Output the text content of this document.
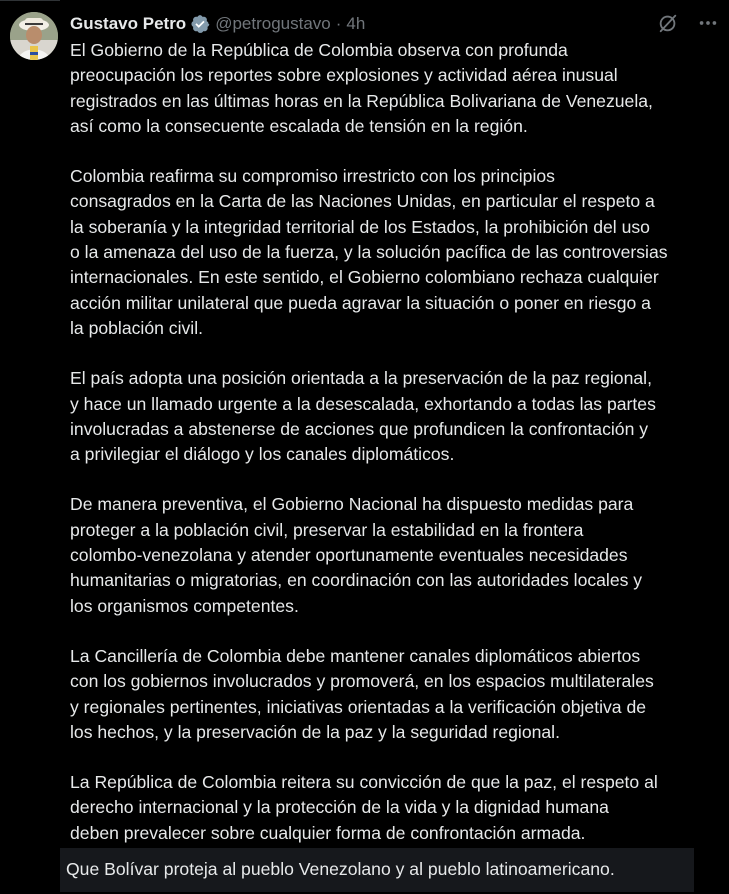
Gustavo Petro @petrogustavo · 4h

El Gobierno de la República de Colombia observa con profunda
preocupación los reportes sobre explosiones y actividad aérea inusual
registrados en las últimas horas en la República Bolivariana de Venezuela,
así como la consecuente escalada de tensión en la región.

Colombia reafirma su compromiso irrestricto con los principios
consagrados en la Carta de las Naciones Unidas, en particular el respeto a
la soberanía y la integridad territorial de los Estados, la prohibición del uso
o la amenaza del uso de la fuerza, y la solución pacífica de las controversias
internacionales. En este sentido, el Gobierno colombiano rechaza cualquier
acción militar unilateral que pueda agravar la situación o poner en riesgo a
la población civil.

El país adopta una posición orientada a la preservación de la paz regional,
y hace un llamado urgente a la desescalada, exhortando a todas las partes
involucradas a abstenerse de acciones que profundicen la confrontación y
a privilegiar el diálogo y los canales diplomáticos.

De manera preventiva, el Gobierno Nacional ha dispuesto medidas para
proteger a la población civil, preservar la estabilidad en la frontera
colombo-venezolana y atender oportunamente eventuales necesidades
humanitarias o migratorias, en coordinación con las autoridades locales y
los organismos competentes.

La Cancillería de Colombia debe mantener canales diplomáticos abiertos
con los gobiernos involucrados y promoverá, en los espacios multilaterales
y regionales pertinentes, iniciativas orientadas a la verificación objetiva de
los hechos, y la preservación de la paz y la seguridad regional.

La República de Colombia reitera su convicción de que la paz, el respeto al
derecho internacional y la protección de la vida y la dignidad humana
deben prevalecer sobre cualquier forma de confrontación armada.

Que Bolívar proteja al pueblo Venezolano y al pueblo latinoamericano.
